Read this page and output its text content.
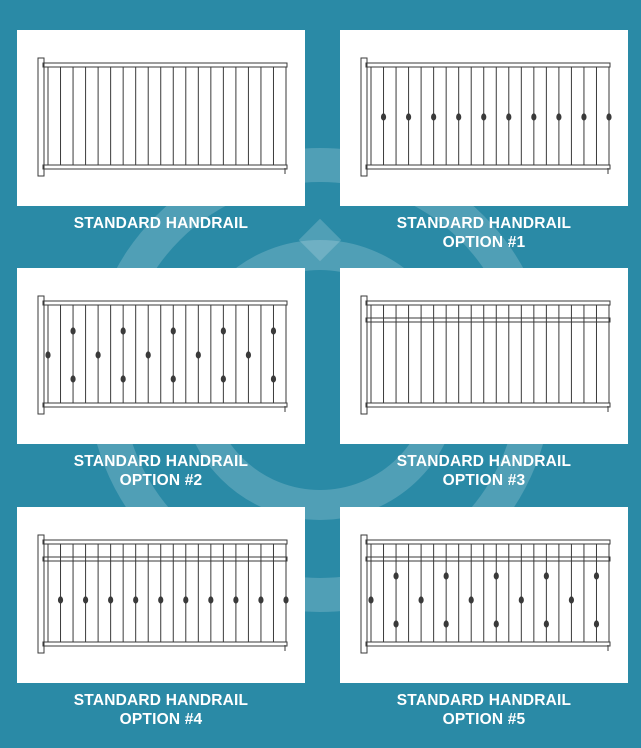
STANDARD HANDRAIL	STANDARD HANDRAIL
OPTION #1
STANDARD HANDRAIL
OPTION #2
STANDARD HANDRAIL
OPTION #3
STANDARD HANDRAIL
OPTION #4
STANDARD HANDRAIL
OPTION #5
